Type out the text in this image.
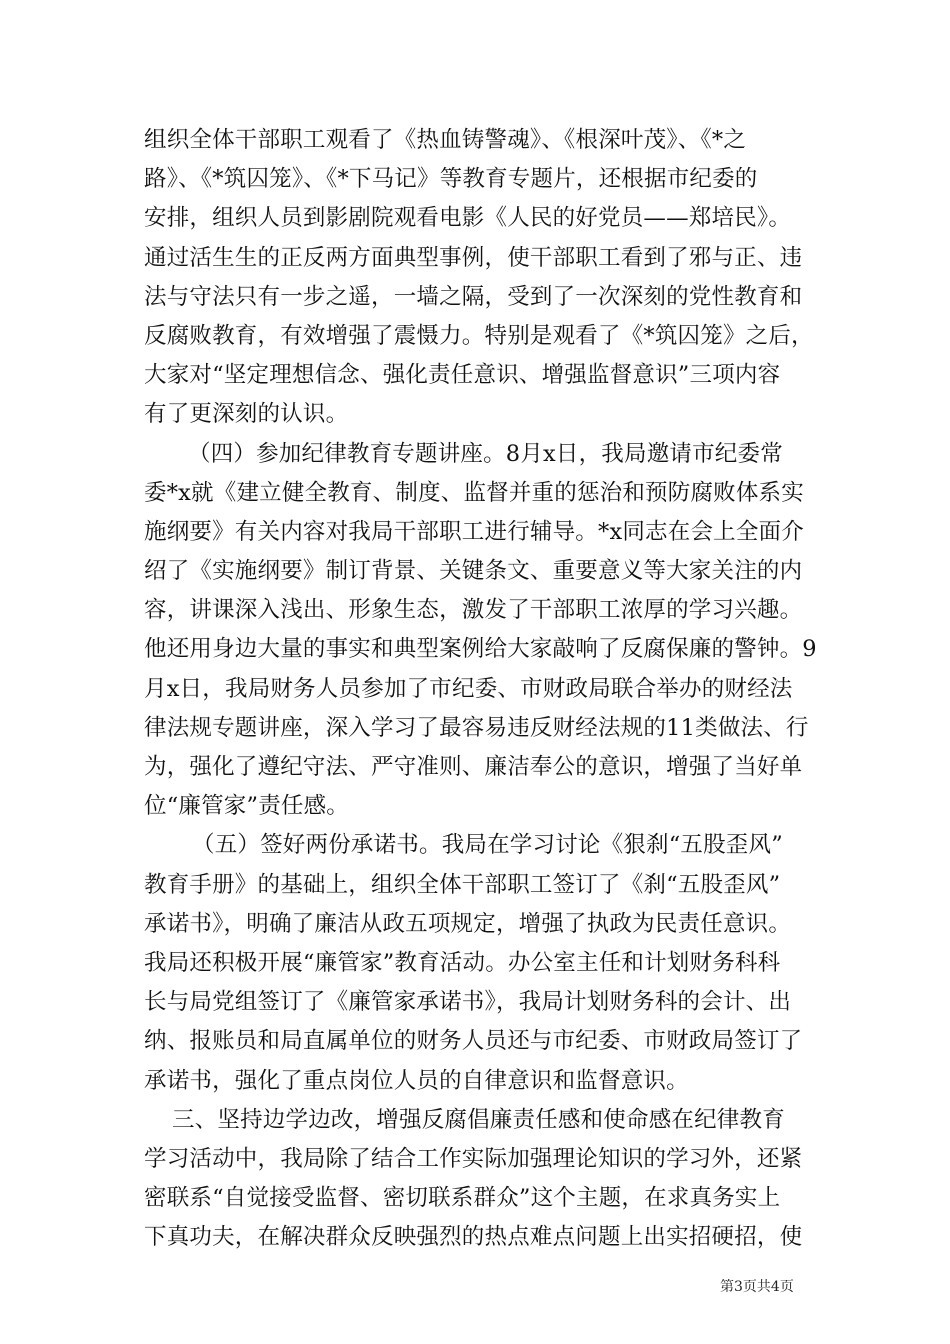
组织全体干部职工观看了《热血铸警魂》、《根深叶茂》、《*之
路》、《*筑囚笼》、《*下马记》等教育专题片，还根据市纪委的
安排，组织人员到影剧院观看电影《人民的好党员——郑培民》。
通过活生生的正反两方面典型事例，使干部职工看到了邪与正、违
法与守法只有一步之遥，一墙之隔，受到了一次深刻的党性教育和
反腐败教育，有效增强了震慑力。特别是观看了《*筑囚笼》之后，
大家对“坚定理想信念、强化责任意识、增强监督意识”三项内容
有了更深刻的认识。
（四）参加纪律教育专题讲座。8月x日，我局邀请市纪委常
委*x就《建立健全教育、制度、监督并重的惩治和预防腐败体系实
施纲要》有关内容对我局干部职工进行辅导。*x同志在会上全面介
绍了《实施纲要》制订背景、关键条文、重要意义等大家关注的内
容，讲课深入浅出、形象生态，激发了干部职工浓厚的学习兴趣。
他还用身边大量的事实和典型案例给大家敲响了反腐保廉的警钟。9
月x日，我局财务人员参加了市纪委、市财政局联合举办的财经法
律法规专题讲座，深入学习了最容易违反财经法规的11类做法、行
为，强化了遵纪守法、严守准则、廉洁奉公的意识，增强了当好单
位“廉管家”责任感。
（五）签好两份承诺书。我局在学习讨论《狠刹“五股歪风”
教育手册》的基础上，组织全体干部职工签订了《刹“五股歪风”
承诺书》，明确了廉洁从政五项规定，增强了执政为民责任意识。
我局还积极开展“廉管家”教育活动。办公室主任和计划财务科科
长与局党组签订了《廉管家承诺书》，我局计划财务科的会计、出
纳、报账员和局直属单位的财务人员还与市纪委、市财政局签订了
承诺书，强化了重点岗位人员的自律意识和监督意识。
三、坚持边学边改，增强反腐倡廉责任感和使命感在纪律教育
学习活动中，我局除了结合工作实际加强理论知识的学习外，还紧
密联系“自觉接受监督、密切联系群众”这个主题，在求真务实上
下真功夫，在解决群众反映强烈的热点难点问题上出实招硬招，使
第3页共4页
